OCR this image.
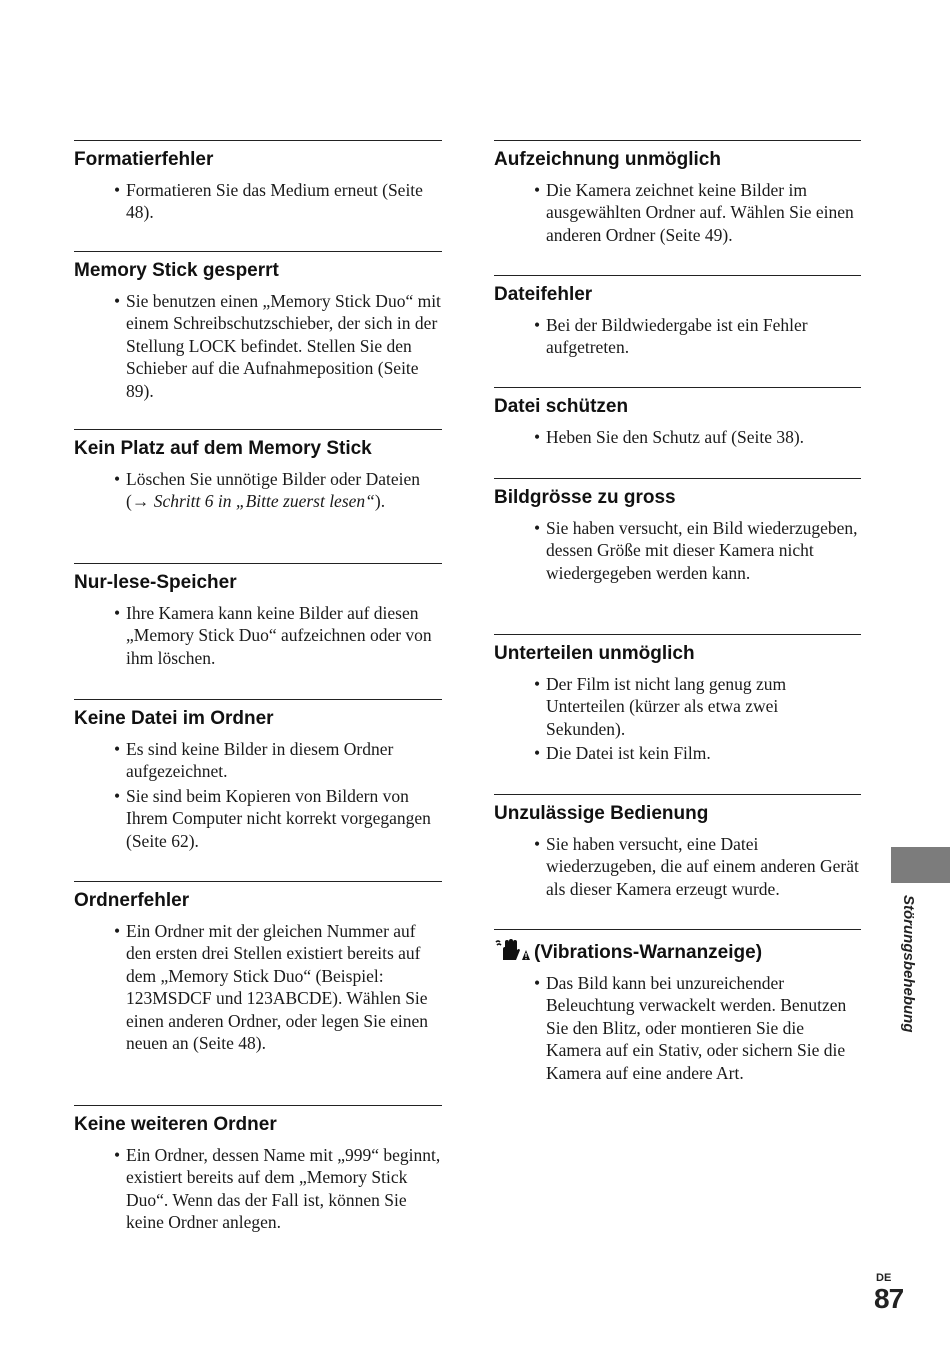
Formatierfehler
• Formatieren Sie das Medium erneut (Seite 48).
Memory Stick gesperrt
• Sie benutzen einen „Memory Stick Duo“ mit einem Schreibschutzschieber, der sich in der Stellung LOCK befindet. Stellen Sie den Schieber auf die Aufnahmeposition (Seite 89).
Kein Platz auf dem Memory Stick
• Löschen Sie unnötige Bilder oder Dateien (→ Schritt 6 in „Bitte zuerst lesen“).
Nur-lese-Speicher
• Ihre Kamera kann keine Bilder auf diesen „Memory Stick Duo“ aufzeichnen oder von ihm löschen.
Keine Datei im Ordner
• Es sind keine Bilder in diesem Ordner aufgezeichnet.
• Sie sind beim Kopieren von Bildern von Ihrem Computer nicht korrekt vorgegangen (Seite 62).
Ordnerfehler
• Ein Ordner mit der gleichen Nummer auf den ersten drei Stellen existiert bereits auf dem „Memory Stick Duo“ (Beispiel: 123MSDCF und 123ABCDE). Wählen Sie einen anderen Ordner, oder legen Sie einen neuen an (Seite 48).
Keine weiteren Ordner
• Ein Ordner, dessen Name mit „999“ beginnt, existiert bereits auf dem „Memory Stick Duo“. Wenn das der Fall ist, können Sie keine Ordner anlegen.
Aufzeichnung unmöglich
• Die Kamera zeichnet keine Bilder im ausgewählten Ordner auf. Wählen Sie einen anderen Ordner (Seite 49).
Dateifehler
• Bei der Bildwiedergabe ist ein Fehler aufgetreten.
Datei schützen
• Heben Sie den Schutz auf (Seite 38).
Bildgrösse zu gross
• Sie haben versucht, ein Bild wiederzugeben, dessen Größe mit dieser Kamera nicht wiedergegeben werden kann.
Unterteilen unmöglich
• Der Film ist nicht lang genug zum Unterteilen (kürzer als etwa zwei Sekunden).
• Die Datei ist kein Film.
Unzulässige Bedienung
• Sie haben versucht, eine Datei wiederzugeben, die auf einem anderen Gerät als dieser Kamera erzeugt wurde.
(Vibrations-Warnanzeige)
• Das Bild kann bei unzureichender Beleuchtung verwackelt werden. Benutzen Sie den Blitz, oder montieren Sie die Kamera auf ein Stativ, oder sichern Sie die Kamera auf eine andere Art.
Störungsbehebung
DE
87
